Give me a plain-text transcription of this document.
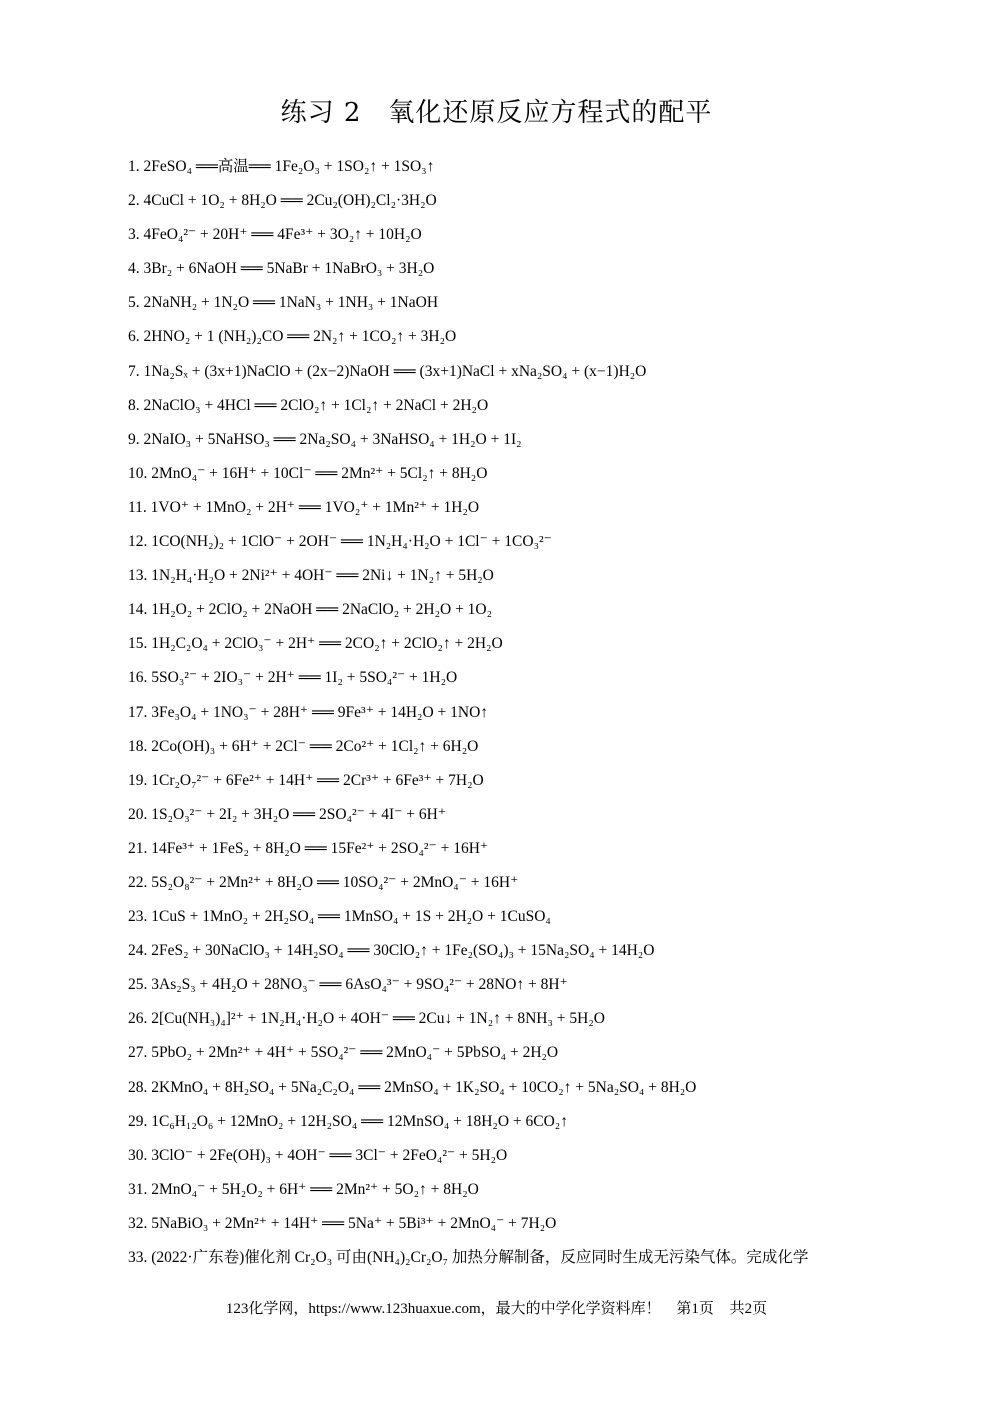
练习 2　氧化还原反应方程式的配平
1. 2FeSO₄ ══高温══ 1Fe₂O₃ + 1SO₂↑ + 1SO₃↑
2. 4CuCl + 1O₂ + 8H₂O ══ 2Cu₂(OH)₂Cl₂·3H₂O
3. 4FeO₄²⁻ + 20H⁺ ══ 4Fe³⁺ + 3O₂↑ + 10H₂O
4. 3Br₂ + 6NaOH ══ 5NaBr + 1NaBrO₃ + 3H₂O
5. 2NaNH₂ + 1N₂O ══ 1NaN₃ + 1NH₃ + 1NaOH
6. 2HNO₂ + 1 (NH₂)₂CO ══ 2N₂↑ + 1CO₂↑ + 3H₂O
7. 1Na₂Sₓ + (3x+1)NaClO + (2x−2)NaOH ══ (3x+1)NaCl + xNa₂SO₄ + (x−1)H₂O
8. 2NaClO₃ + 4HCl ══ 2ClO₂↑ + 1Cl₂↑ + 2NaCl + 2H₂O
9. 2NaIO₃ + 5NaHSO₃ ══ 2Na₂SO₄ + 3NaHSO₄ + 1H₂O + 1I₂
10. 2MnO₄⁻ + 16H⁺ + 10Cl⁻ ══ 2Mn²⁺ + 5Cl₂↑ + 8H₂O
11. 1VO⁺ + 1MnO₂ + 2H⁺ ══ 1VO₂⁺ + 1Mn²⁺ + 1H₂O
12. 1CO(NH₂)₂ + 1ClO⁻ + 2OH⁻ ══ 1N₂H₄·H₂O + 1Cl⁻ + 1CO₃²⁻
13. 1N₂H₄·H₂O + 2Ni²⁺ + 4OH⁻ ══ 2Ni↓ + 1N₂↑ + 5H₂O
14. 1H₂O₂ + 2ClO₂ + 2NaOH ══ 2NaClO₂ + 2H₂O + 1O₂
15. 1H₂C₂O₄ + 2ClO₃⁻ + 2H⁺ ══ 2CO₂↑ + 2ClO₂↑ + 2H₂O
16. 5SO₃²⁻ + 2IO₃⁻ + 2H⁺ ══ 1I₂ + 5SO₄²⁻ + 1H₂O
17. 3Fe₃O₄ + 1NO₃⁻ + 28H⁺ ══ 9Fe³⁺ + 14H₂O + 1NO↑
18. 2Co(OH)₃ + 6H⁺ + 2Cl⁻ ══ 2Co²⁺ + 1Cl₂↑ + 6H₂O
19. 1Cr₂O₇²⁻ + 6Fe²⁺ + 14H⁺ ══ 2Cr³⁺ + 6Fe³⁺ + 7H₂O
20. 1S₂O₃²⁻ + 2I₂ + 3H₂O ══ 2SO₄²⁻ + 4I⁻ + 6H⁺
21. 14Fe³⁺ + 1FeS₂ + 8H₂O ══ 15Fe²⁺ + 2SO₄²⁻ + 16H⁺
22. 5S₂O₈²⁻ + 2Mn²⁺ + 8H₂O ══ 10SO₄²⁻ + 2MnO₄⁻ + 16H⁺
23. 1CuS + 1MnO₂ + 2H₂SO₄ ══ 1MnSO₄ + 1S + 2H₂O + 1CuSO₄
24. 2FeS₂ + 30NaClO₃ + 14H₂SO₄ ══ 30ClO₂↑ + 1Fe₂(SO₄)₃ + 15Na₂SO₄ + 14H₂O
25. 3As₂S₃ + 4H₂O + 28NO₃⁻ ══ 6AsO₄³⁻ + 9SO₄²⁻ + 28NO↑ + 8H⁺
26. 2[Cu(NH₃)₄]²⁺ + 1N₂H₄·H₂O + 4OH⁻ ══ 2Cu↓ + 1N₂↑ + 8NH₃ + 5H₂O
27. 5PbO₂ + 2Mn²⁺ + 4H⁺ + 5SO₄²⁻ ══ 2MnO₄⁻ + 5PbSO₄ + 2H₂O
28. 2KMnO₄ + 8H₂SO₄ + 5Na₂C₂O₄ ══ 2MnSO₄ + 1K₂SO₄ + 10CO₂↑ + 5Na₂SO₄ + 8H₂O
29. 1C₆H₁₂O₆ + 12MnO₂ + 12H₂SO₄ ══ 12MnSO₄ + 18H₂O + 6CO₂↑
30. 3ClO⁻ + 2Fe(OH)₃ + 4OH⁻ ══ 3Cl⁻ + 2FeO₄²⁻ + 5H₂O
31. 2MnO₄⁻ + 5H₂O₂ + 6H⁺ ══ 2Mn²⁺ + 5O₂↑ + 8H₂O
32. 5NaBiO₃ + 2Mn²⁺ + 14H⁺ ══ 5Na⁺ + 5Bi³⁺ + 2MnO₄⁻ + 7H₂O
33. (2022·广东卷)催化剂 Cr₂O₃ 可由(NH₄)₂Cr₂O₇ 加热分解制备，反应同时生成无污染气体。完成化学
123化学网，https://www.123huaxue.com，最大的中学化学资料库！ 第1页 共2页
